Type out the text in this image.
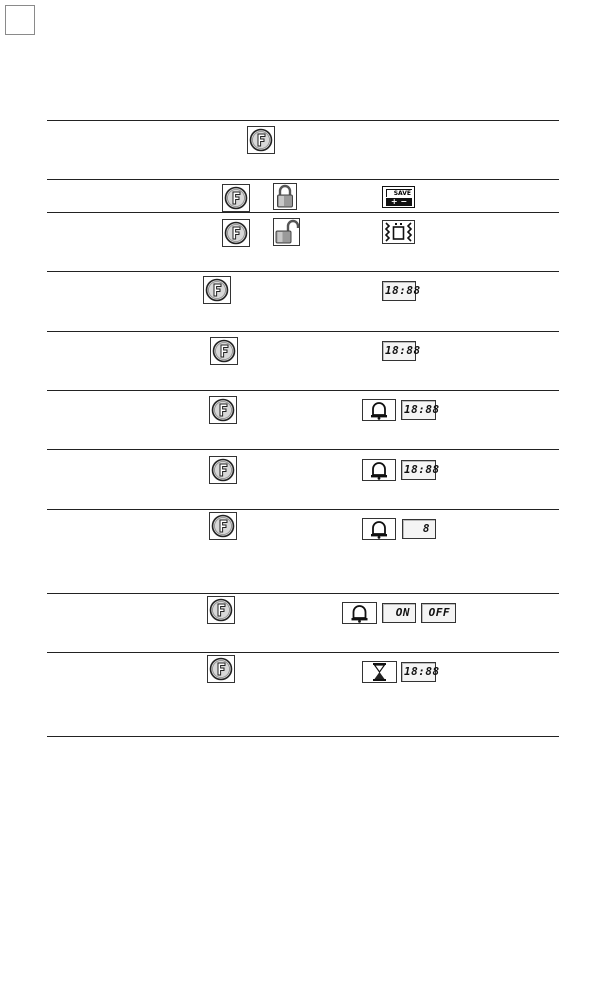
SAVE
+ −
18:88
18:88
18:88
18:88
8
ON	OFF
18:88
